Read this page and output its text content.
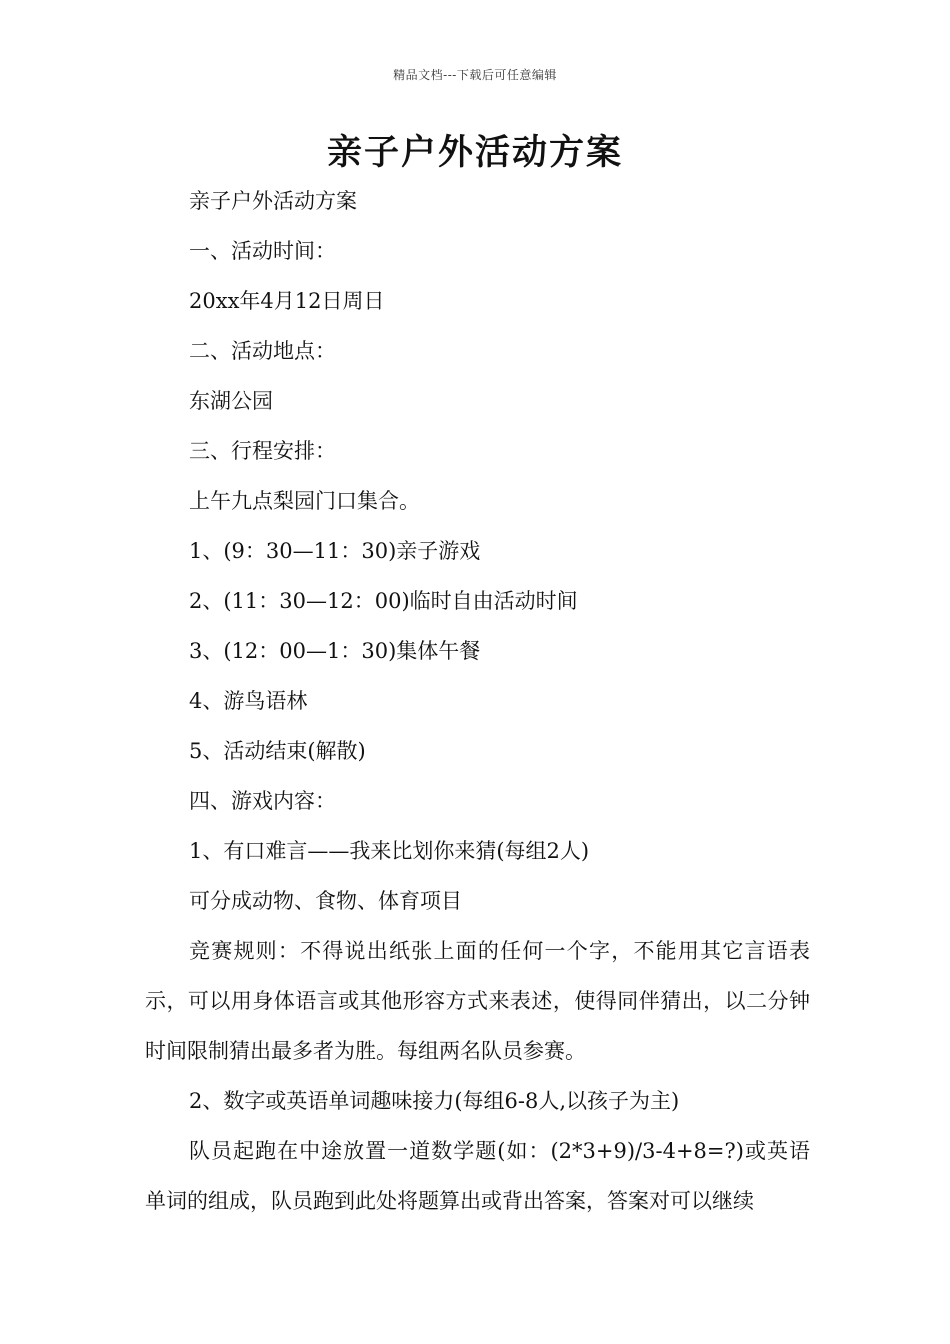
精品文档---下载后可任意编辑
亲子户外活动方案

亲子户外活动方案

一、活动时间：

20xx年4月12日周日

二、活动地点：

东湖公园

三、行程安排：

上午九点梨园门口集合。

1、(9：30—11：30)亲子游戏

2、(11：30—12：00)临时自由活动时间

3、(12：00—1：30)集体午餐

4、游鸟语林

5、活动结束(解散)

四、游戏内容：

1、有口难言——我来比划你来猜(每组2人)

可分成动物、食物、体育项目

竞赛规则：不得说出纸张上面的任何一个字，不能用其它言语表示，可以用身体语言或其他形容方式来表述，使得同伴猜出，以二分钟时间限制猜出最多者为胜。每组两名队员参赛。

2、数字或英语单词趣味接力(每组6-8人,以孩子为主)

队员起跑在中途放置一道数学题(如：(2*3+9)/3-4+8=?)或英语单词的组成，队员跑到此处将题算出或背出答案，答案对可以继续
